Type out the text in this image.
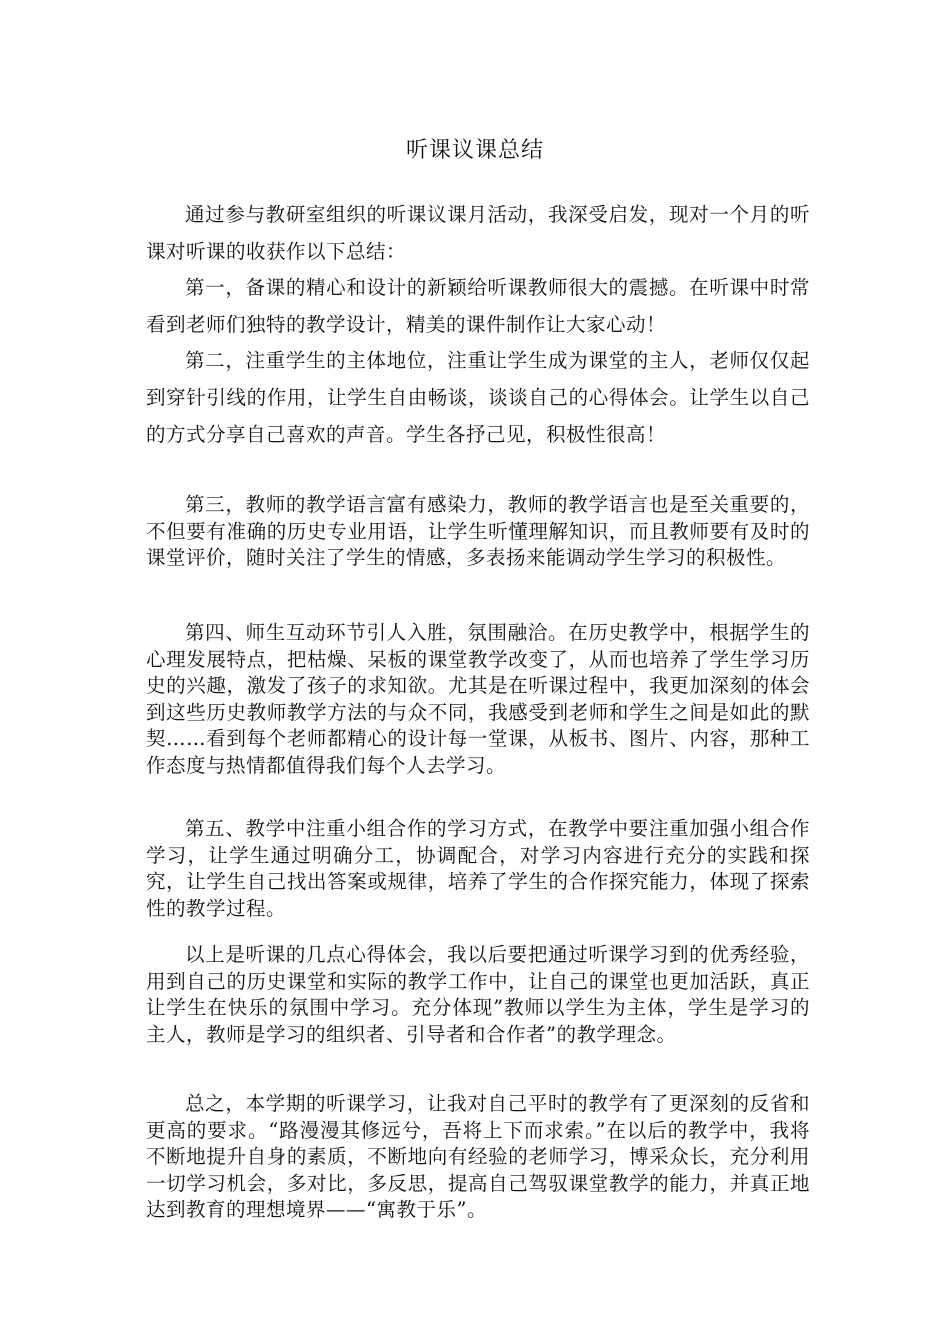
听课议课总结

通过参与教研室组织的听课议课月活动，我深受启发，现对一个月的听课对听课的收获作以下总结：

第一，备课的精心和设计的新颖给听课教师很大的震撼。在听课中时常看到老师们独特的教学设计，精美的课件制作让大家心动！

第二，注重学生的主体地位，注重让学生成为课堂的主人，老师仅仅起到穿针引线的作用，让学生自由畅谈，谈谈自己的心得体会。让学生以自己的方式分享自己喜欢的声音。学生各抒己见，积极性很高！

第三，教师的教学语言富有感染力，教师的教学语言也是至关重要的，不但要有准确的历史专业用语，让学生听懂理解知识，而且教师要有及时的课堂评价，随时关注了学生的情感，多表扬来能调动学生学习的积极性。

第四、师生互动环节引人入胜，氛围融洽。在历史教学中，根据学生的心理发展特点，把枯燥、呆板的课堂教学改变了，从而也培养了学生学习历史的兴趣，激发了孩子的求知欲。尤其是在听课过程中，我更加深刻的体会到这些历史教师教学方法的与众不同，我感受到老师和学生之间是如此的默契……看到每个老师都精心的设计每一堂课，从板书、图片、内容，那种工作态度与热情都值得我们每个人去学习。

第五、教学中注重小组合作的学习方式，在教学中要注重加强小组合作学习，让学生通过明确分工，协调配合，对学习内容进行充分的实践和探究，让学生自己找出答案或规律，培养了学生的合作探究能力，体现了探索性的教学过程。

以上是听课的几点心得体会，我以后要把通过听课学习到的优秀经验，用到自己的历史课堂和实际的教学工作中，让自己的课堂也更加活跃，真正让学生在快乐的氛围中学习。充分体现”教师以学生为主体，学生是学习的主人，教师是学习的组织者、引导者和合作者”的教学理念。

总之，本学期的听课学习，让我对自己平时的教学有了更深刻的反省和更高的要求。“路漫漫其修远兮，吾将上下而求索。”在以后的教学中，我将不断地提升自身的素质，不断地向有经验的老师学习，博采众长，充分利用一切学习机会，多对比，多反思，提高自己驾驭课堂教学的能力，并真正地达到教育的理想境界——“寓教于乐”。
